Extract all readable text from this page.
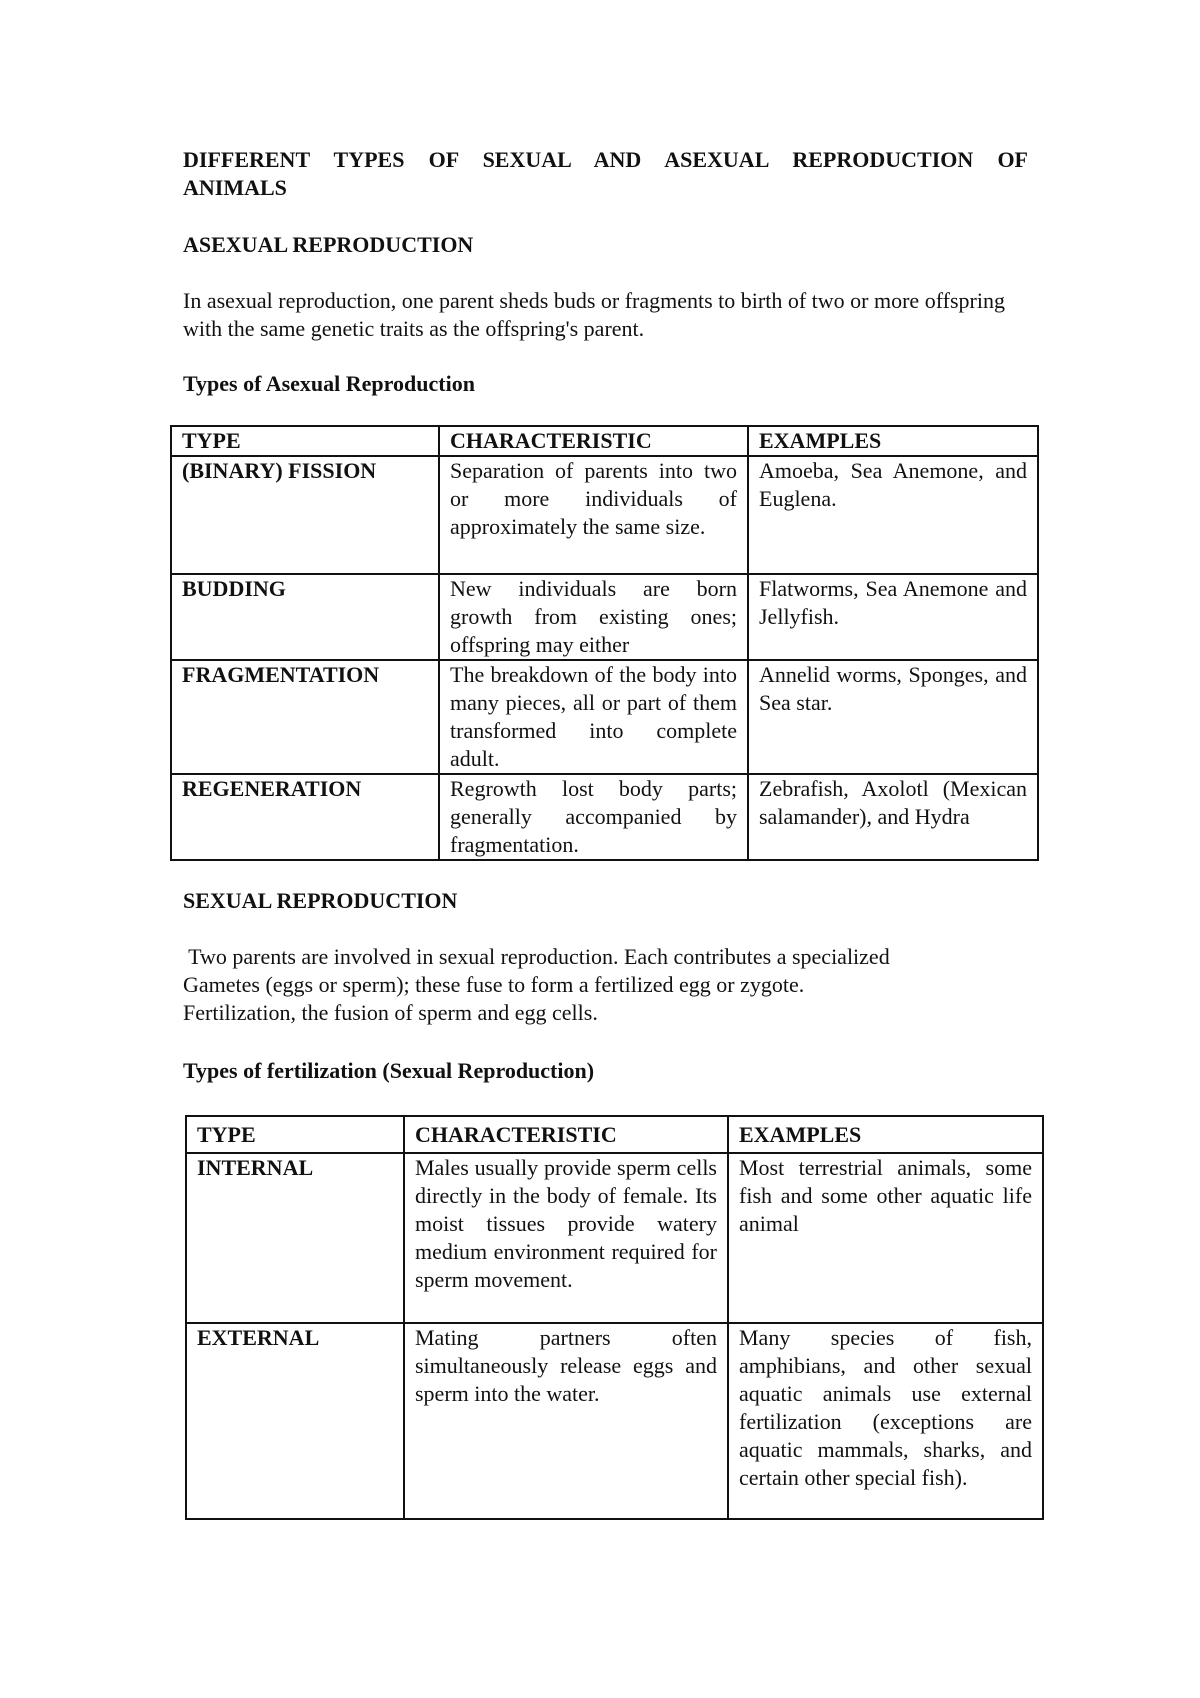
DIFFERENT TYPES OF SEXUAL AND ASEXUAL REPRODUCTION OF ANIMALS

ASEXUAL REPRODUCTION

In asexual reproduction, one parent sheds buds or fragments to birth of two or more offspring with the same genetic traits as the offspring's parent.

Types of Asexual Reproduction

TYPE	CHARACTERISTIC	EXAMPLES
(BINARY) FISSION	Separation of parents into two or more individuals of approximately the same size.	Amoeba, Sea Anemone, and Euglena.
BUDDING	New individuals are born growth from existing ones; offspring may either	Flatworms, Sea Anemone and Jellyfish.
FRAGMENTATION	The breakdown of the body into many pieces, all or part of them transformed into complete adult.	Annelid worms, Sponges, and Sea star.
REGENERATION	Regrowth lost body parts; generally accompanied by fragmentation.	Zebrafish, Axolotl (Mexican salamander), and Hydra

SEXUAL REPRODUCTION

Two parents are involved in sexual reproduction. Each contributes a specialized

Gametes (eggs or sperm); these fuse to form a fertilized egg or zygote.

Fertilization, the fusion of sperm and egg cells.

Types of fertilization (Sexual Reproduction)

TYPE	CHARACTERISTIC	EXAMPLES
INTERNAL	Males usually provide sperm cells directly in the body of female. Its moist tissues provide watery medium environment required for sperm movement.	Most terrestrial animals, some fish and some other aquatic life animal
EXTERNAL	Mating partners often simultaneously release eggs and sperm into the water.	Many species of fish, amphibians, and other sexual aquatic animals use external fertilization (exceptions are aquatic mammals, sharks, and certain other special fish).
